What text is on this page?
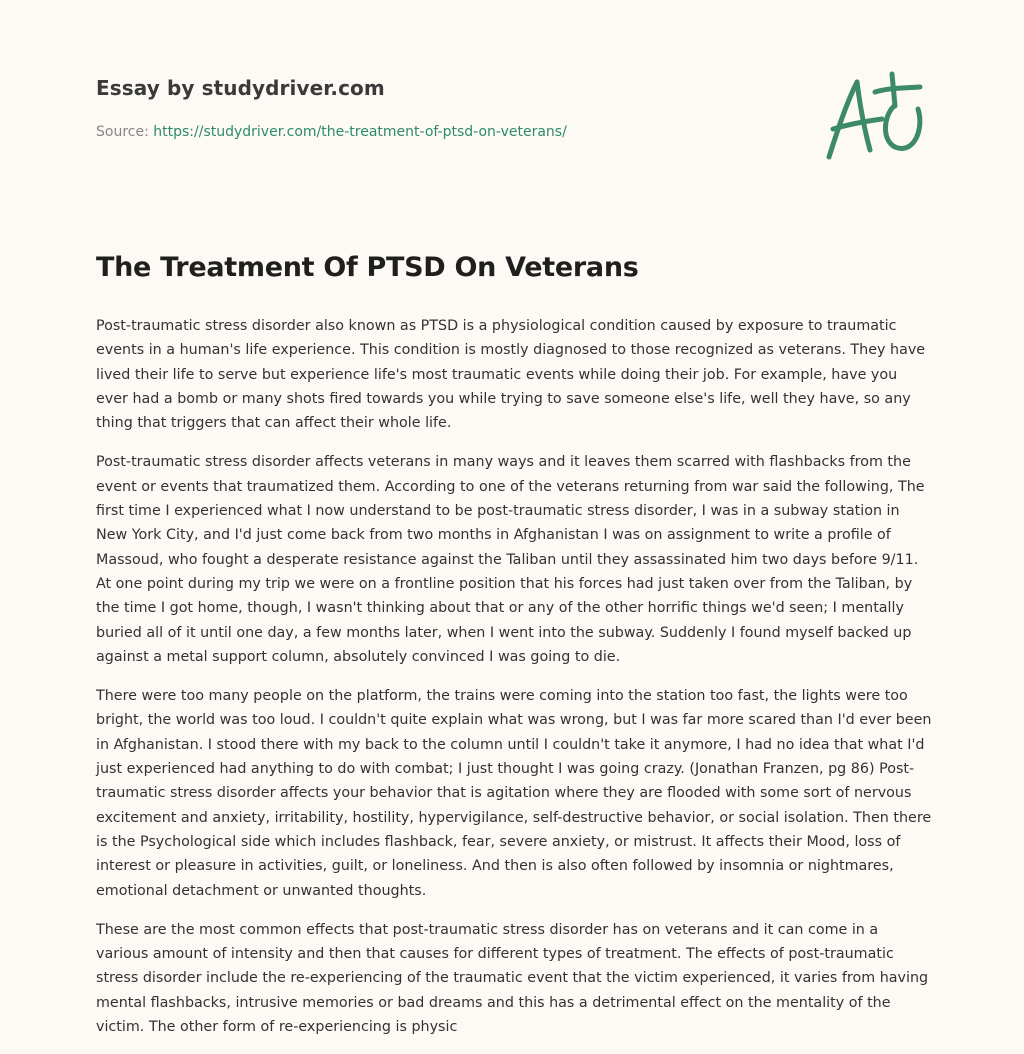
Essay by studydriver.com
Source: https://studydriver.com/the-treatment-of-ptsd-on-veterans/
The Treatment Of PTSD On Veterans

Post-traumatic stress disorder also known as PTSD is a physiological condition caused by exposure to traumatic events in a human's life experience. This condition is mostly diagnosed to those recognized as veterans. They have lived their life to serve but experience life's most traumatic events while doing their job. For example, have you ever had a bomb or many shots fired towards you while trying to save someone else's life, well they have, so any thing that triggers that can affect their whole life.

Post-traumatic stress disorder affects veterans in many ways and it leaves them scarred with flashbacks from the event or events that traumatized them. According to one of the veterans returning from war said the following, The first time I experienced what I now understand to be post-traumatic stress disorder, I was in a subway station in New York City, and I'd just come back from two months in Afghanistan I was on assignment to write a profile of Massoud, who fought a desperate resistance against the Taliban until they assassinated him two days before 9/11. At one point during my trip we were on a frontline position that his forces had just taken over from the Taliban, by the time I got home, though, I wasn't thinking about that or any of the other horrific things we'd seen; I mentally buried all of it until one day, a few months later, when I went into the subway. Suddenly I found myself backed up against a metal support column, absolutely convinced I was going to die.

There were too many people on the platform, the trains were coming into the station too fast, the lights were too bright, the world was too loud. I couldn't quite explain what was wrong, but I was far more scared than I'd ever been in Afghanistan. I stood there with my back to the column until I couldn't take it anymore, I had no idea that what I'd just experienced had anything to do with combat; I just thought I was going crazy. (Jonathan Franzen, pg 86) Post-traumatic stress disorder affects your behavior that is agitation where they are flooded with some sort of nervous excitement and anxiety, irritability, hostility, hypervigilance, self-destructive behavior, or social isolation. Then there is the Psychological side which includes flashback, fear, severe anxiety, or mistrust. It affects their Mood, loss of interest or pleasure in activities, guilt, or loneliness. And then is also often followed by insomnia or nightmares, emotional detachment or unwanted thoughts.

These are the most common effects that post-traumatic stress disorder has on veterans and it can come in a various amount of intensity and then that causes for different types of treatment. The effects of post-traumatic stress disorder include the re-experiencing of the traumatic event that the victim experienced, it varies from having mental flashbacks, intrusive memories or bad dreams and this has a detrimental effect on the mentality of the victim. The other form of re-experiencing is physic
